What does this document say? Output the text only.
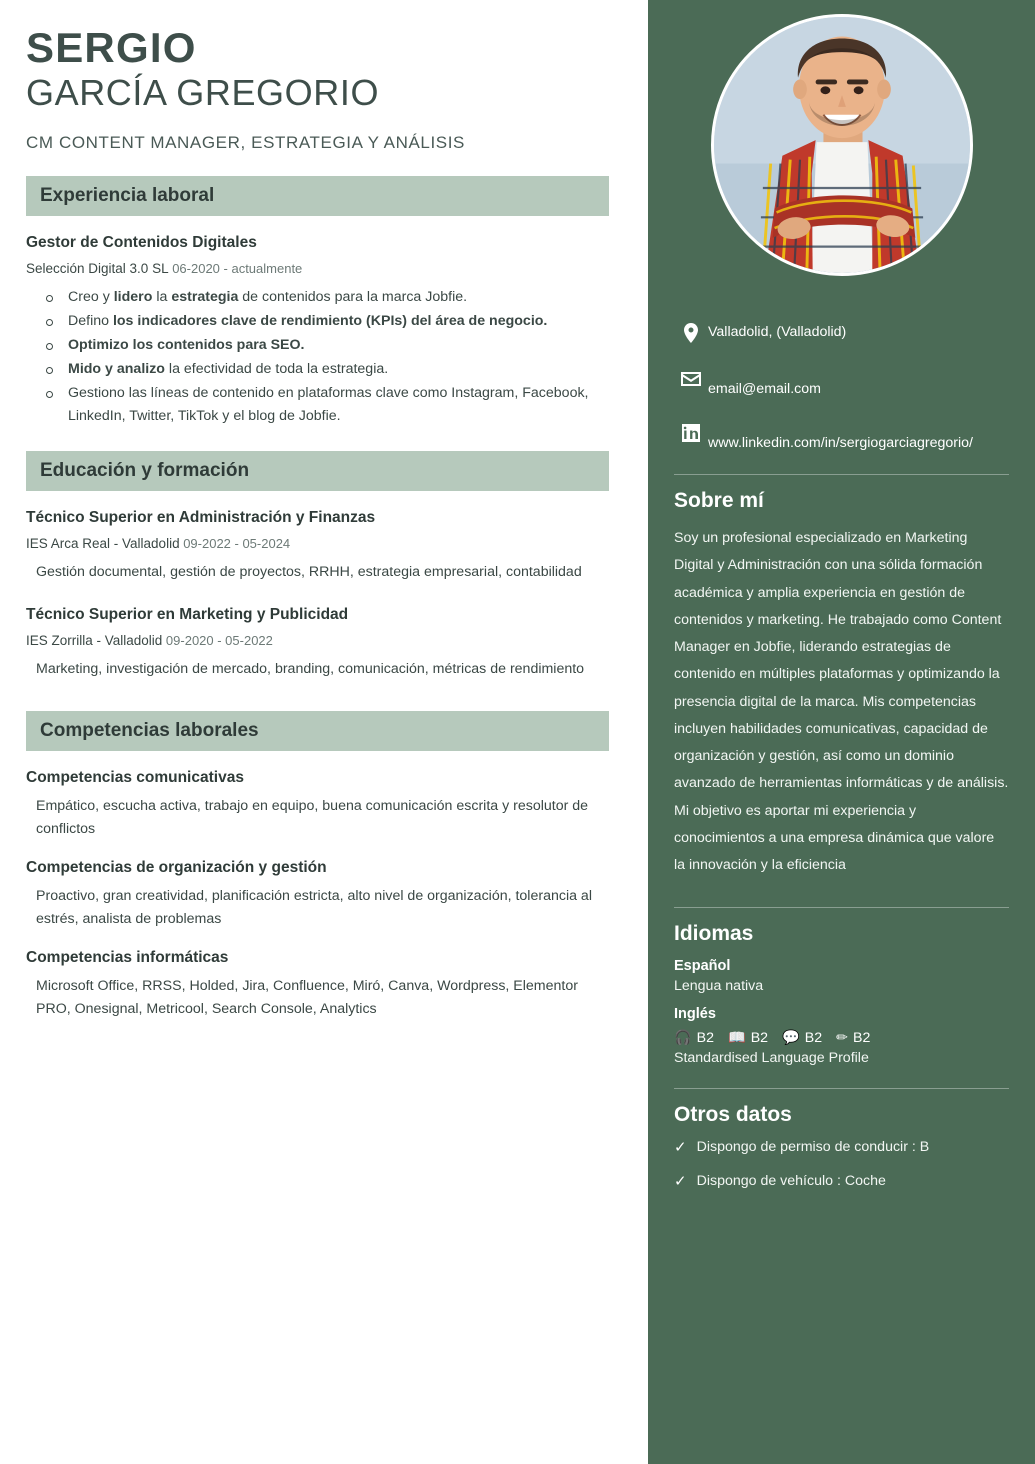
SERGIO
GARCÍA GREGORIO
CM CONTENT MANAGER, ESTRATEGIA Y ANÁLISIS
Experiencia laboral
Gestor de Contenidos Digitales
Selección Digital 3.0 SL 06-2020 - actualmente
Creo y lidero la estrategia de contenidos para la marca Jobfie.
Defino los indicadores clave de rendimiento (KPIs) del área de negocio.
Optimizo los contenidos para SEO.
Mido y analizo la efectividad de toda la estrategia.
Gestiono las líneas de contenido en plataformas clave como Instagram, Facebook, LinkedIn, Twitter, TikTok y el blog de Jobfie.
Educación y formación
Técnico Superior en Administración y Finanzas
IES Arca Real - Valladolid 09-2022 - 05-2024
Gestión documental, gestión de proyectos, RRHH, estrategia empresarial, contabilidad
Técnico Superior en Marketing y Publicidad
IES Zorrilla - Valladolid 09-2020 - 05-2022
Marketing, investigación de mercado, branding, comunicación, métricas de rendimiento
Competencias laborales
Competencias comunicativas
Empático, escucha activa, trabajo en equipo, buena comunicación escrita y resolutor de conflictos
Competencias de organización y gestión
Proactivo, gran creatividad, planificación estricta, alto nivel de organización, tolerancia al estrés, analista de problemas
Competencias informáticas
Microsoft Office, RRSS, Holded, Jira, Confluence, Miró, Canva, Wordpress, Elementor PRO, Onesignal, Metricool, Search Console, Analytics
Valladolid, (Valladolid)
email@email.com
www.linkedin.com/in/sergiogarciagregorio/
Sobre mí
Soy un profesional especializado en Marketing Digital y Administración con una sólida formación académica y amplia experiencia en gestión de contenidos y marketing. He trabajado como Content Manager en Jobfie, liderando estrategias de contenido en múltiples plataformas y optimizando la presencia digital de la marca. Mis competencias incluyen habilidades comunicativas, capacidad de organización y gestión, así como un dominio avanzado de herramientas informáticas y de análisis. Mi objetivo es aportar mi experiencia y conocimientos a una empresa dinámica que valore la innovación y la eficiencia
Idiomas
Español
Lengua nativa
Inglés
🎧 B2 📖 B2 💬 B2 ✏ B2
Standardised Language Profile
Otros datos
✓ Dispongo de permiso de conducir : B
✓ Dispongo de vehículo : Coche
